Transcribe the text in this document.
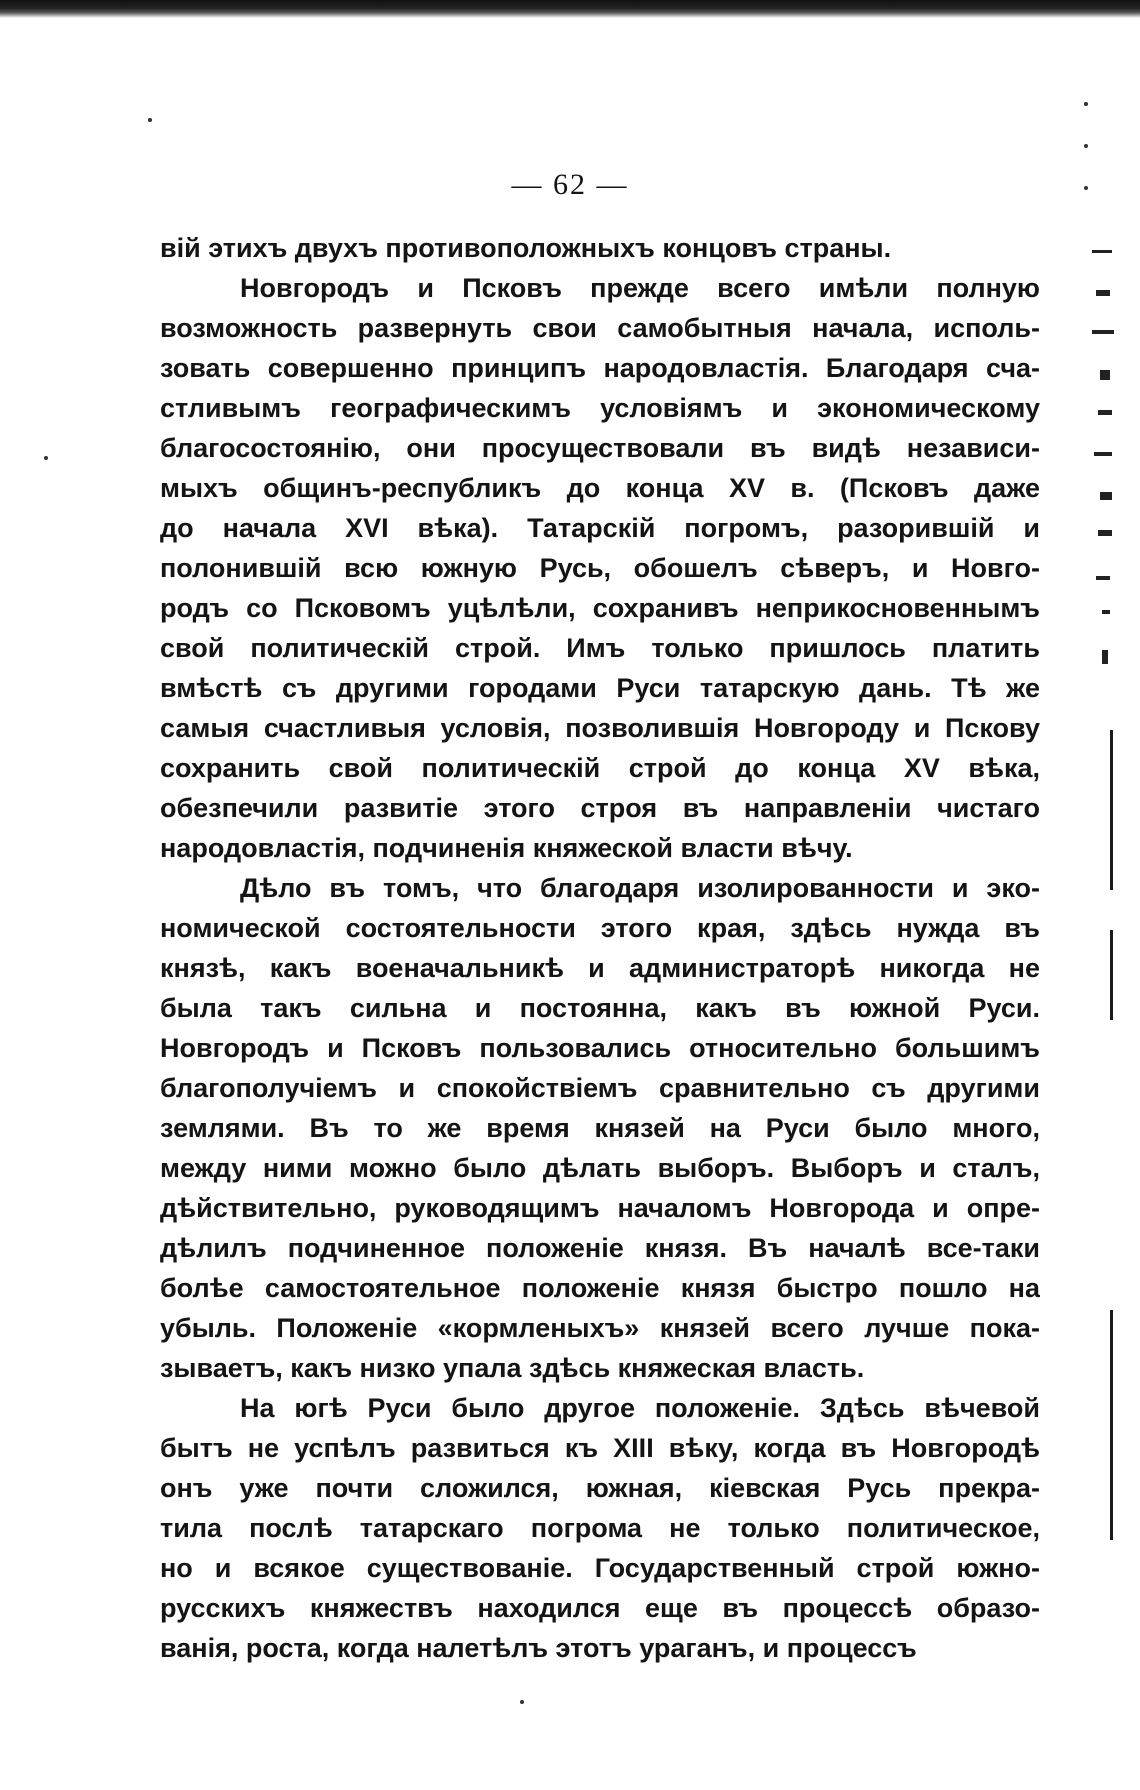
— 62 —
вій этихъ двухъ противоположныхъ концовъ страны.
Новгородъ и Псковъ прежде всего имѣли полную
возможность развернуть свои самобытныя начала, исполь-
зовать совершенно принципъ народовластія. Благодаря сча-
стливымъ географическимъ условіямъ и экономическому
благосостоянію, они просуществовали въ видѣ независи-
мыхъ общинъ-республикъ до конца XV в. (Псковъ даже
до начала XVI вѣка). Татарскій погромъ, разорившій и
полонившій всю южную Русь, обошелъ сѣверъ, и Новго-
родъ со Псковомъ уцѣлѣли, сохранивъ неприкосновеннымъ
свой политическій строй. Имъ только пришлось платить
вмѣстѣ съ другими городами Руси татарскую дань. Тѣ же
самыя счастливыя условія, позволившія Новгороду и Пскову
сохранить свой политическій строй до конца XV вѣка,
обезпечили развитіе этого строя въ направленіи чистаго
народовластія, подчиненія княжеской власти вѣчу.
Дѣло въ томъ, что благодаря изолированности и эко-
номической состоятельности этого края, здѣсь нужда въ
князѣ, какъ военачальникѣ и администраторѣ никогда не
была такъ сильна и постоянна, какъ въ южной Руси.
Новгородъ и Псковъ пользовались относительно большимъ
благополучіемъ и спокойствіемъ сравнительно съ другими
землями. Въ то же время князей на Руси было много,
между ними можно было дѣлать выборъ. Выборъ и сталъ,
дѣйствительно, руководящимъ началомъ Новгорода и опре-
дѣлилъ подчиненное положеніе князя. Въ началѣ все-таки
болѣе самостоятельное положеніе князя быстро пошло на
убыль. Положеніе «кормленыхъ» князей всего лучше пока-
зываетъ, какъ низко упала здѣсь княжеская власть.
На югѣ Руси было другое положеніе. Здѣсь вѣчевой
бытъ не успѣлъ развиться къ XIII вѣку, когда въ Новгородѣ
онъ уже почти сложился, южная, кіевская Русь прекра-
тила послѣ татарскаго погрома не только политическое,
но и всякое существованіе. Государственный строй южно-
русскихъ княжествъ находился еще въ процессѣ образо-
ванія, роста, когда налетѣлъ этотъ ураганъ, и процессъ
